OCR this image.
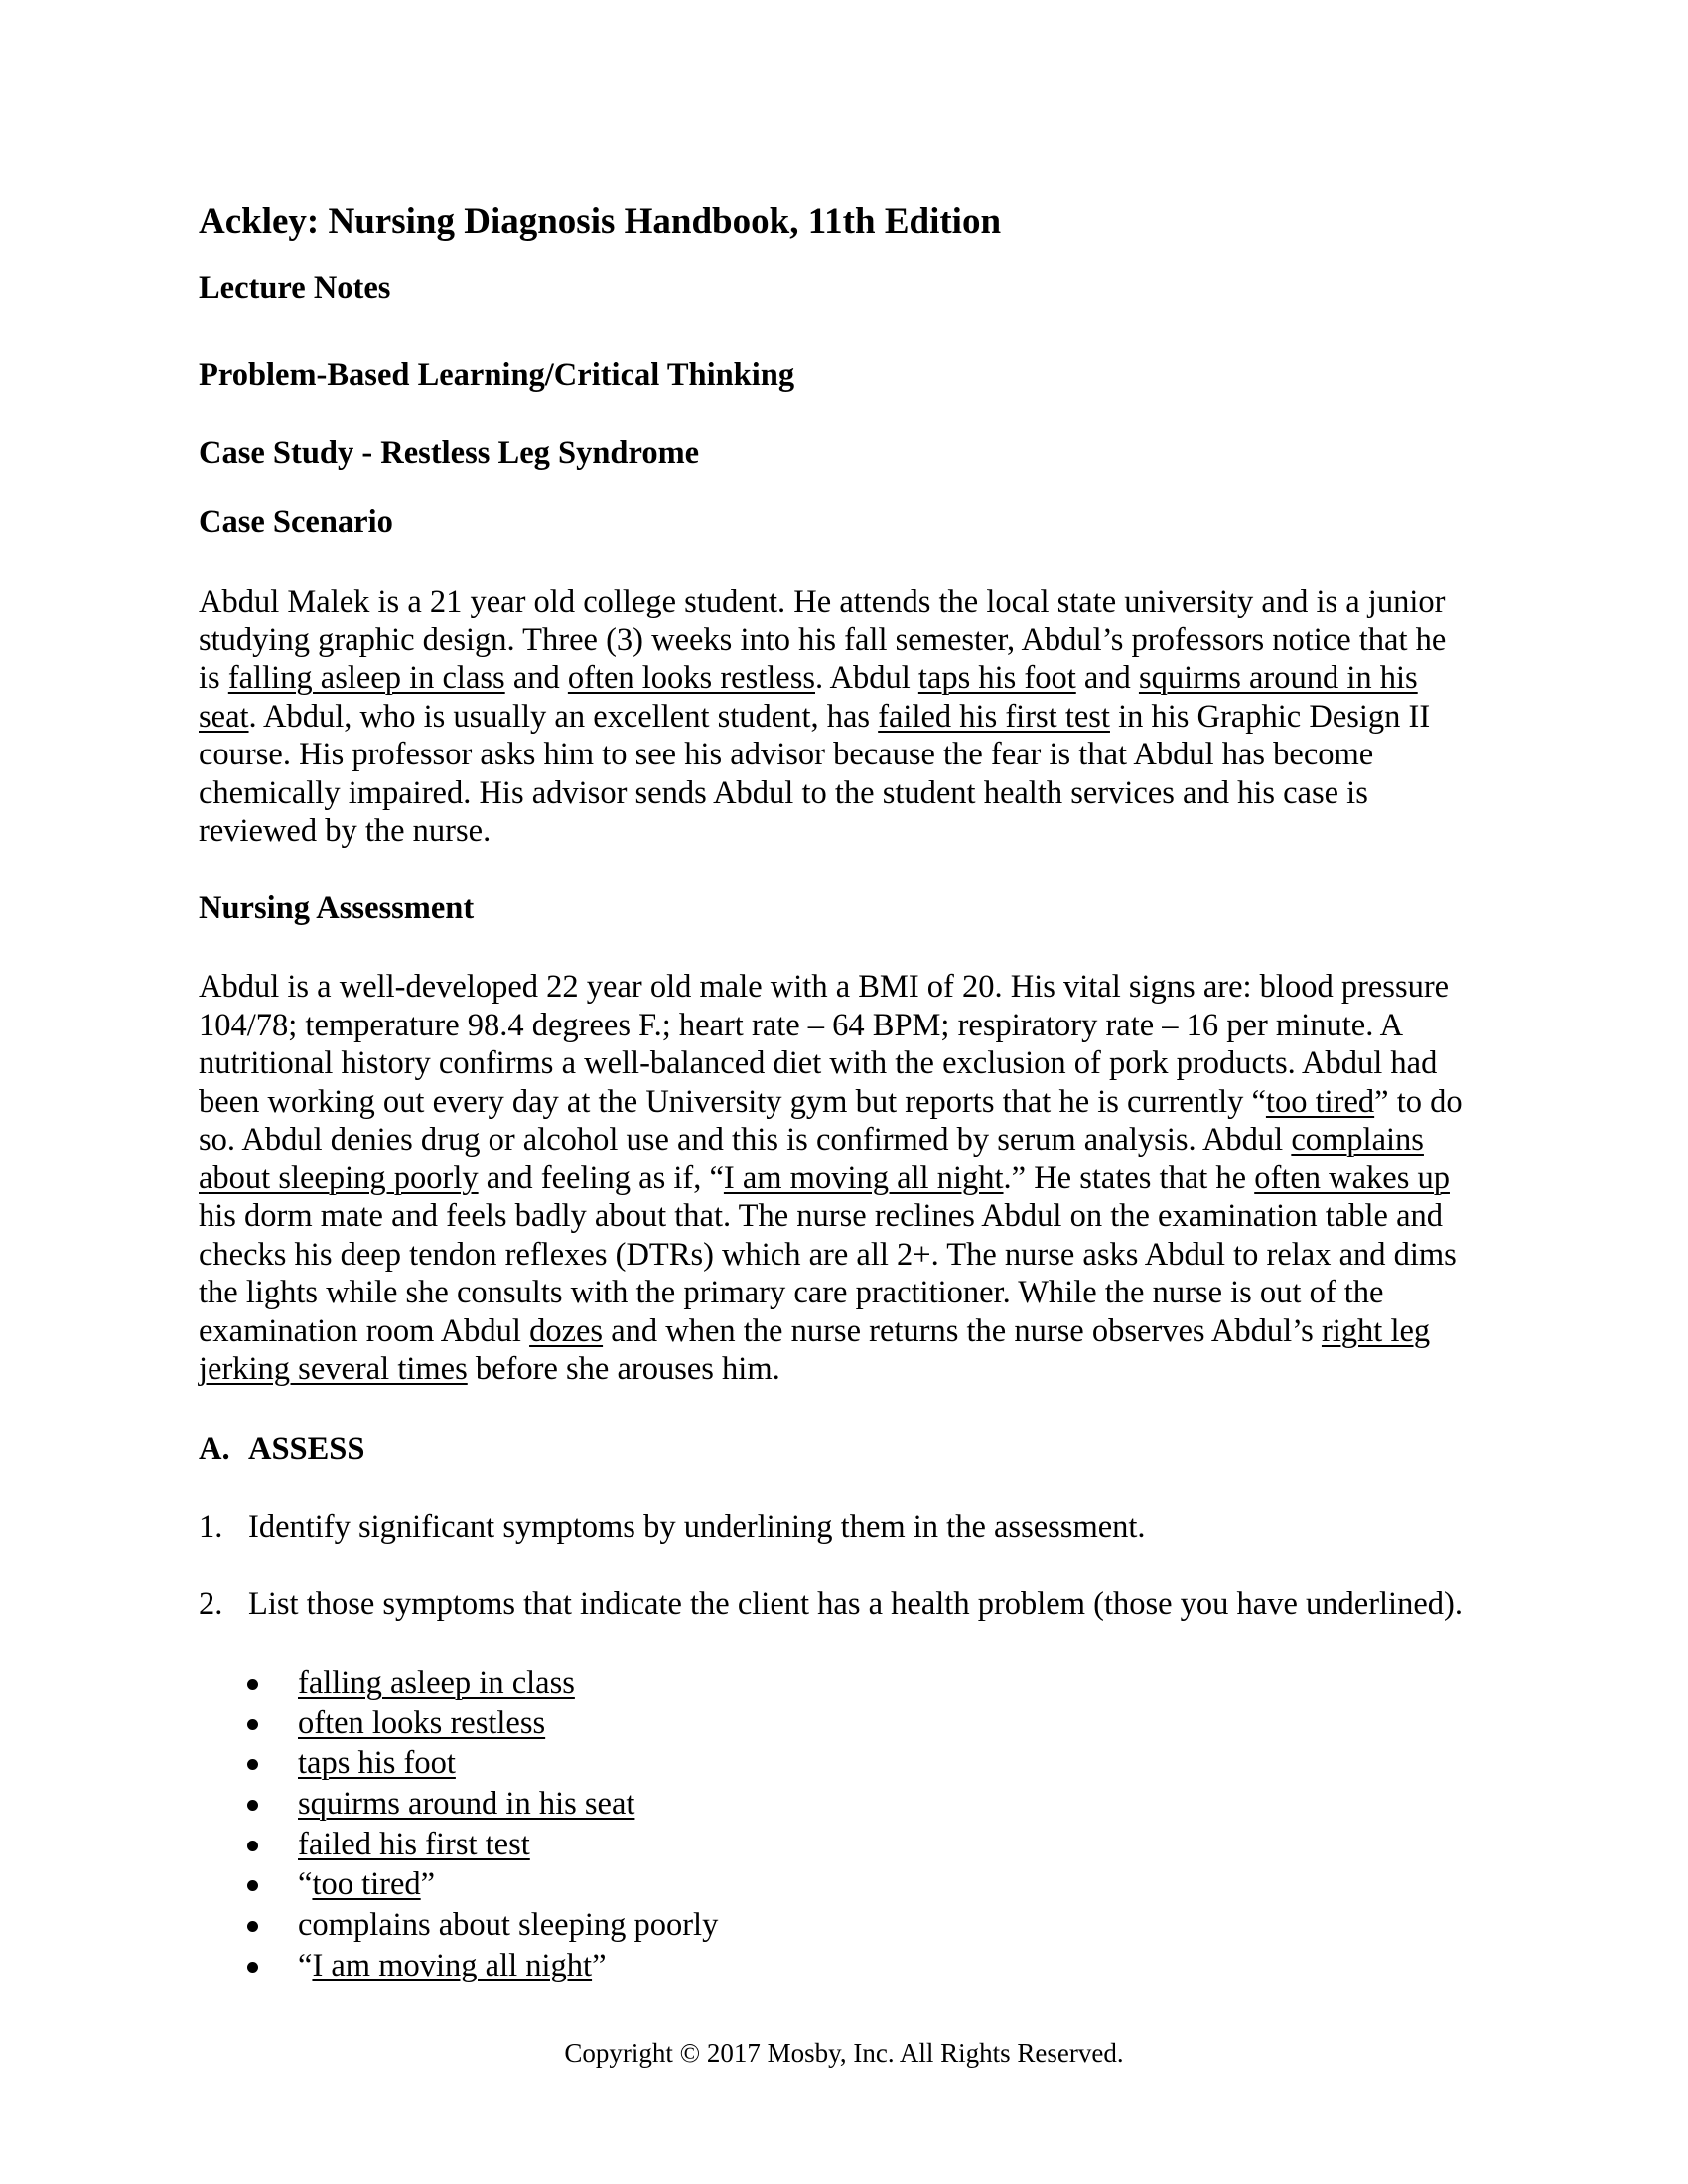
Ackley: Nursing Diagnosis Handbook, 11th Edition
Lecture Notes
Problem-Based Learning/Critical Thinking
Case Study - Restless Leg Syndrome
Case Scenario
Abdul Malek is a 21 year old college student. He attends the local state university and is a junior
studying graphic design. Three (3) weeks into his fall semester, Abdul’s professors notice that he
is falling asleep in class and often looks restless. Abdul taps his foot and squirms around in his
seat. Abdul, who is usually an excellent student, has failed his first test in his Graphic Design II
course. His professor asks him to see his advisor because the fear is that Abdul has become
chemically impaired. His advisor sends Abdul to the student health services and his case is
reviewed by the nurse.
Nursing Assessment
Abdul is a well-developed 22 year old male with a BMI of 20. His vital signs are: blood pressure
104/78; temperature 98.4 degrees F.; heart rate – 64 BPM; respiratory rate – 16 per minute. A
nutritional history confirms a well-balanced diet with the exclusion of pork products. Abdul had
been working out every day at the University gym but reports that he is currently “too tired” to do
so. Abdul denies drug or alcohol use and this is confirmed by serum analysis. Abdul complains
about sleeping poorly and feeling as if, “I am moving all night.” He states that he often wakes up
his dorm mate and feels badly about that. The nurse reclines Abdul on the examination table and
checks his deep tendon reflexes (DTRs) which are all 2+. The nurse asks Abdul to relax and dims
the lights while she consults with the primary care practitioner. While the nurse is out of the
examination room Abdul dozes and when the nurse returns the nurse observes Abdul’s right leg
jerking several times before she arouses him.
A. ASSESS
1. Identify significant symptoms by underlining them in the assessment.
2. List those symptoms that indicate the client has a health problem (those you have underlined).
falling asleep in class
often looks restless
taps his foot
squirms around in his seat
failed his first test
“too tired”
complains about sleeping poorly
“I am moving all night”
Copyright © 2017 Mosby, Inc. All Rights Reserved.
